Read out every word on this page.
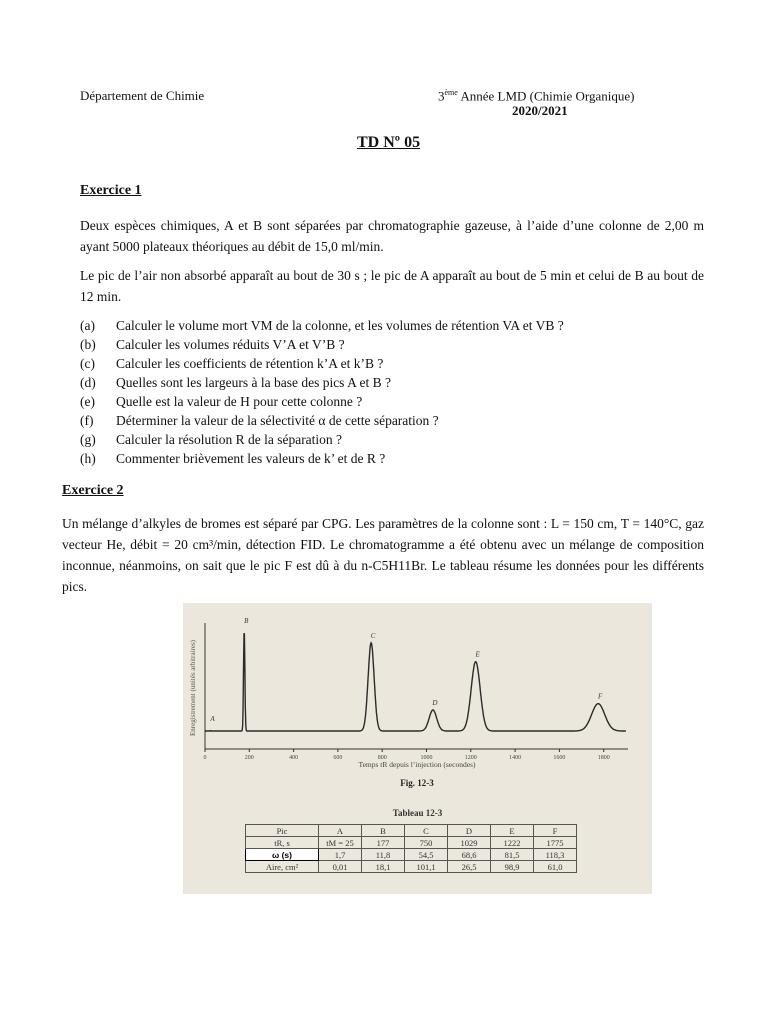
Département de Chimie	3ème Année LMD (Chimie Organique)
2020/2021
TD Nº 05
Exercice 1
Deux espèces chimiques, A et B sont séparées par chromatographie gazeuse, à l’aide d’une colonne de 2,00 m ayant 5000 plateaux théoriques au débit de 15,0 ml/min.
Le pic de l’air non absorbé apparaît au bout de 30 s ; le pic de A apparaît au bout de 5 min et celui de B au bout de 12 min.
(a) Calculer le volume mort VM de la colonne, et les volumes de rétention VA et VB ?
(b) Calculer les volumes réduits V’A et V’B ?
(c) Calculer les coefficients de rétention k’A et k’B ?
(d) Quelles sont les largeurs à la base des pics A et B ?
(e) Quelle est la valeur de H pour cette colonne ?
(f) Déterminer la valeur de la sélectivité α de cette séparation ?
(g) Calculer la résolution R de la séparation ?
(h) Commenter brièvement les valeurs de k’ et de R ?
Exercice 2
Un mélange d’alkyles de bromes est séparé par CPG. Les paramètres de la colonne sont : L = 150 cm, T = 140°C, gaz vecteur He, débit = 20 cm³/min, détection FID. Le chromatogramme a été obtenu avec un mélange de composition inconnue, néanmoins, on sait que le pic F est dû à du n-C5H11Br. Le tableau résume les données pour les différents pics.
Enregistrement (unités arbitraires)
Temps tR depuis l’injection (secondes)
Fig. 12-3
0	200	400	600	800	1000	1200	1400	1600	1800
A
B
C
D
E
F
Tableau 12-3
Pic	A	B	C	D	E	F
tR, s	tM = 25	177	750	1029	1222	1775
ω (s)	1,7	11,8	54,5	68,6	81,5	118,3
Aire, cm²	0,01	18,1	101,1	26,5	98,9	61,0
